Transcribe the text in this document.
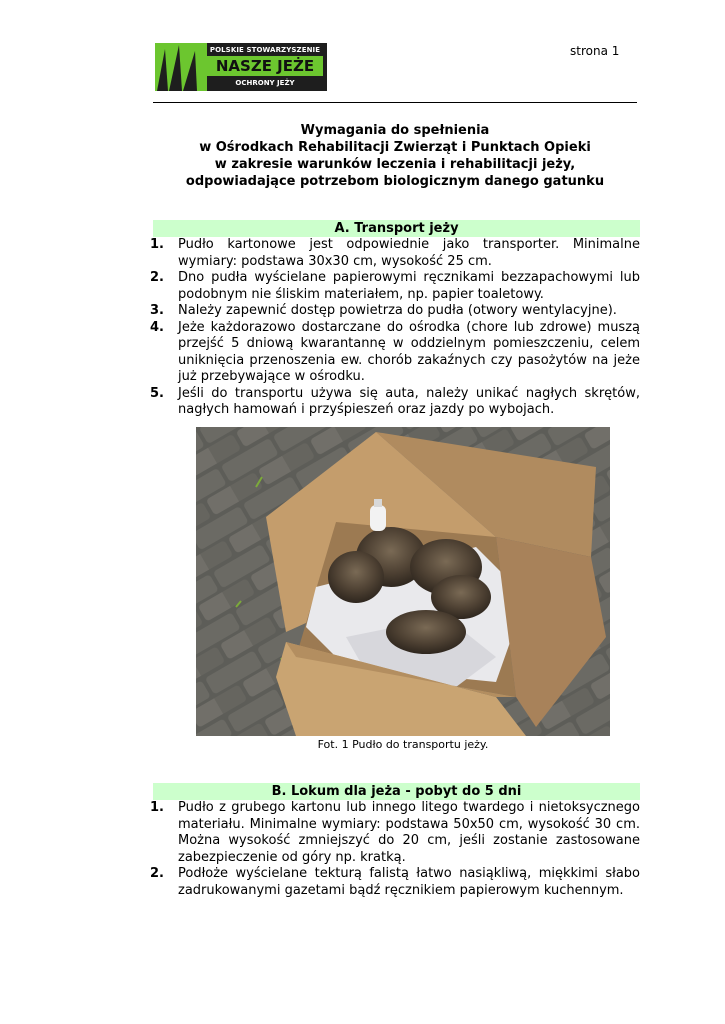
POLSKIE STOWARZYSZENIE
NASZE JEŻE
OCHRONY JEŻY
strona 1
Wymagania do spełnienia
w Ośrodkach Rehabilitacji Zwierząt i Punktach Opieki
w zakresie warunków leczenia i rehabilitacji jeży,
odpowiadające potrzebom biologicznym danego gatunku
A. Transport jeży
1. Pudło kartonowe jest odpowiednie jako transporter. Minimalne wymiary: podstawa 30x30 cm, wysokość 25 cm.
2. Dno pudła wyścielane papierowymi ręcznikami bezzapachowymi lub podobnym nie śliskim materiałem, np. papier toaletowy.
3. Należy zapewnić dostęp powietrza do pudła (otwory wentylacyjne).
4. Jeże każdorazowo dostarczane do ośrodka (chore lub zdrowe) muszą przejść 5 dniową kwarantannę w oddzielnym pomieszczeniu, celem uniknięcia przenoszenia ew. chorób zakaźnych czy pasożytów na jeże już przebywające w ośrodku.
5. Jeśli do transportu używa się auta, należy unikać nagłych skrętów, nagłych hamowań i przyśpieszeń oraz jazdy po wybojach.
Fot. 1 Pudło do transportu jeży.
B. Lokum dla jeża - pobyt do 5 dni
1. Pudło z grubego kartonu lub innego litego twardego i nietoksycznego materiału. Minimalne wymiary: podstawa 50x50 cm, wysokość 30 cm. Można wysokość zmniejszyć do 20 cm, jeśli zostanie zastosowane zabezpieczenie od góry np. kratką.
2. Podłoże wyścielane tekturą falistą łatwo nasiąkliwą, miękkimi słabo zadrukowanymi gazetami bądź ręcznikiem papierowym kuchennym.
